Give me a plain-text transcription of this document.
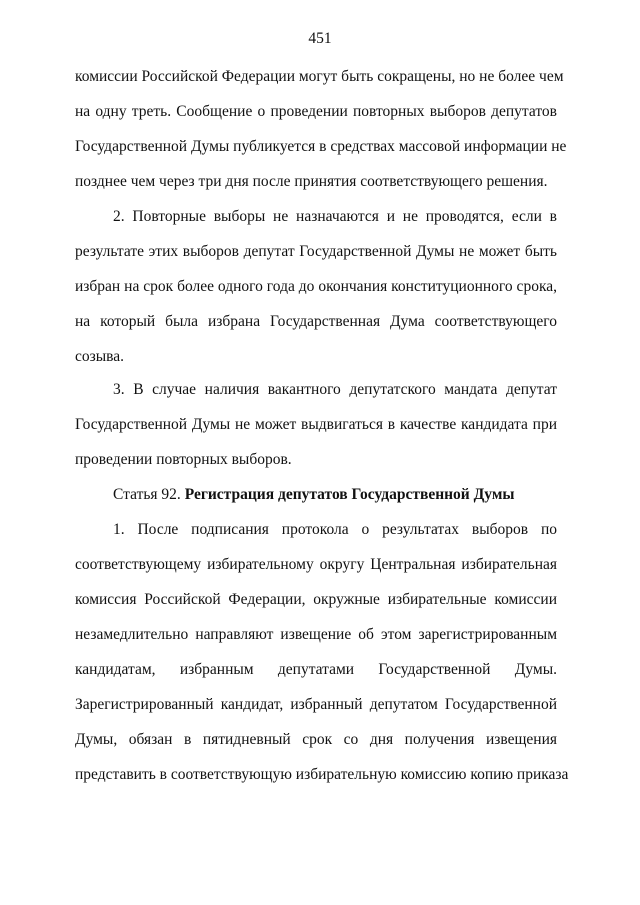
451
комиссии Российской Федерации могут быть сокращены, но не более чем
на одну треть. Сообщение о проведении повторных выборов депутатов
Государственной Думы публикуется в средствах массовой информации не
позднее чем через три дня после принятия соответствующего решения.
2. Повторные выборы не назначаются и не проводятся, если в
результате этих выборов депутат Государственной Думы не может быть
избран на срок более одного года до окончания конституционного срока,
на который была избрана Государственная Дума соответствующего
созыва.
3. В случае наличия вакантного депутатского мандата депутат
Государственной Думы не может выдвигаться в качестве кандидата при
проведении повторных выборов.
Статья 92. Регистрация депутатов Государственной Думы
1. После подписания протокола о результатах выборов по
соответствующему избирательному округу Центральная избирательная
комиссия Российской Федерации, окружные избирательные комиссии
незамедлительно направляют извещение об этом зарегистрированным
кандидатам, избранным депутатами Государственной Думы.
Зарегистрированный кандидат, избранный депутатом Государственной
Думы, обязан в пятидневный срок со дня получения извещения
представить в соответствующую избирательную комиссию копию приказа
